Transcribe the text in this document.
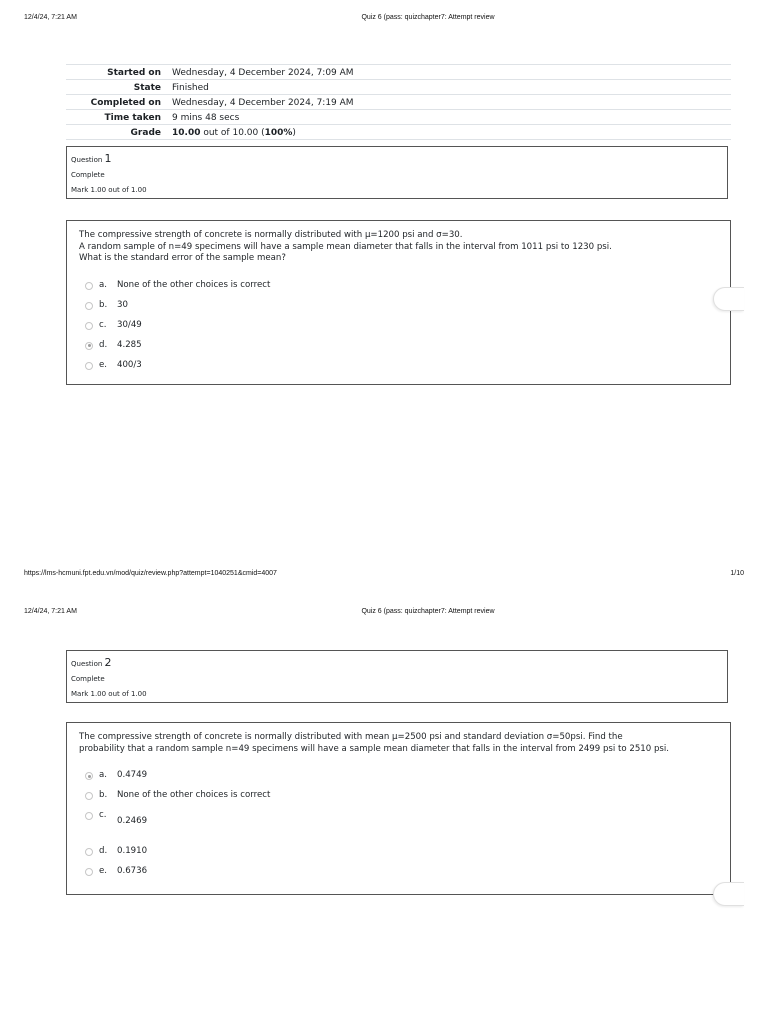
12/4/24, 7:21 AM	Quiz 6 (pass: quizchapter7: Attempt review
Started on	Wednesday, 4 December 2024, 7:09 AM
State	Finished
Completed on	Wednesday, 4 December 2024, 7:19 AM
Time taken	9 mins 48 secs
Grade	10.00 out of 10.00 (100%)
Question 1
Complete
Mark 1.00 out of 1.00

The compressive strength of concrete is normally distributed with μ=1200 psi and σ=30.

A random sample of n=49 specimens will have a sample mean diameter that falls in the interval from 1011 psi to 1230 psi.

What is the standard error of the sample mean?

a. None of the other choices is correct
b. 30
c. 30/49
d. 4.285
e. 400/3
https://lms-hcmuni.fpt.edu.vn/mod/quiz/review.php?attempt=1040251&cmid=4007	1/10
12/4/24, 7:21 AM	Quiz 6 (pass: quizchapter7: Attempt review
Question 2
Complete
Mark 1.00 out of 1.00

The compressive strength of concrete is normally distributed with mean μ=2500 psi and standard deviation σ=50psi. Find the

probability that a random sample n=49 specimens will have a sample mean diameter that falls in the interval from 2499 psi to 2510 psi.

a. 0.4749
b. None of the other choices is correct
c.
0.2469
d. 0.1910
e. 0.6736
